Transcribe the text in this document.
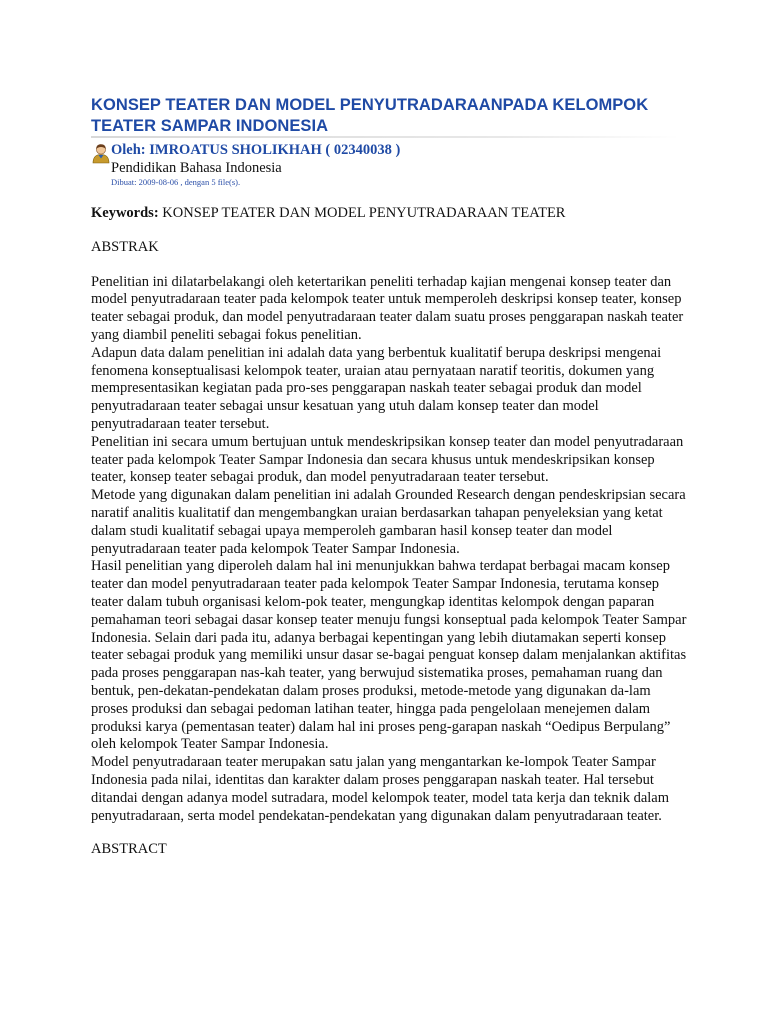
KONSEP TEATER DAN MODEL PENYUTRADARAANPADA KELOMPOK TEATER SAMPAR INDONESIA
Oleh: IMROATUS SHOLIKHAH ( 02340038 )
Pendidikan Bahasa Indonesia
Dibuat: 2009-08-06 , dengan 5 file(s).

Keywords: KONSEP TEATER DAN MODEL PENYUTRADARAAN TEATER

ABSTRAK

Penelitian ini dilatarbelakangi oleh ketertarikan peneliti terhadap kajian mengenai konsep teater dan model penyutradaraan teater pada kelompok teater untuk memperoleh deskripsi konsep teater, konsep teater sebagai produk, dan model penyutradaraan teater dalam suatu proses penggarapan naskah teater yang diambil peneliti sebagai fokus penelitian.

Adapun data dalam penelitian ini adalah data yang berbentuk kualitatif berupa deskripsi mengenai fenomena konseptualisasi kelompok teater, uraian atau pernyataan naratif teoritis, dokumen yang mempresentasikan kegiatan pada pro-ses penggarapan naskah teater sebagai produk dan model penyutradaraan teater sebagai unsur kesatuan yang utuh dalam konsep teater dan model penyutradaraan teater tersebut.

Penelitian ini secara umum bertujuan untuk mendeskripsikan konsep teater dan model penyutradaraan teater pada kelompok Teater Sampar Indonesia dan secara khusus untuk mendeskripsikan konsep teater, konsep teater sebagai produk, dan model penyutradaraan teater tersebut.

Metode yang digunakan dalam penelitian ini adalah Grounded Research dengan pendeskripsian secara naratif analitis kualitatif dan mengembangkan uraian berdasarkan tahapan penyeleksian yang ketat dalam studi kualitatif sebagai upaya memperoleh gambaran hasil konsep teater dan model penyutradaraan teater pada kelompok Teater Sampar Indonesia.

Hasil penelitian yang diperoleh dalam hal ini menunjukkan bahwa terdapat berbagai macam konsep teater dan model penyutradaraan teater pada kelompok Teater Sampar Indonesia, terutama konsep teater dalam tubuh organisasi kelom-pok teater, mengungkap identitas kelompok dengan paparan pemahaman teori sebagai dasar konsep teater menuju fungsi konseptual pada kelompok Teater Sampar Indonesia. Selain dari pada itu, adanya berbagai kepentingan yang lebih diutamakan seperti konsep teater sebagai produk yang memiliki unsur dasar se-bagai penguat konsep dalam menjalankan aktifitas pada proses penggarapan nas-kah teater, yang berwujud sistematika proses, pemahaman ruang dan bentuk, pen-dekatan-pendekatan dalam proses produksi, metode-metode yang digunakan da-lam proses produksi dan sebagai pedoman latihan teater, hingga pada pengelolaan menejemen dalam produksi karya (pementasan teater) dalam hal ini proses peng-garapan naskah “Oedipus Berpulang” oleh kelompok Teater Sampar Indonesia.

Model penyutradaraan teater merupakan satu jalan yang mengantarkan ke-lompok Teater Sampar Indonesia pada nilai, identitas dan karakter dalam proses penggarapan naskah teater. Hal tersebut ditandai dengan adanya model sutradara, model kelompok teater, model tata kerja dan teknik dalam penyutradaraan, serta model pendekatan-pendekatan yang digunakan dalam penyutradaraan teater.

ABSTRACT
